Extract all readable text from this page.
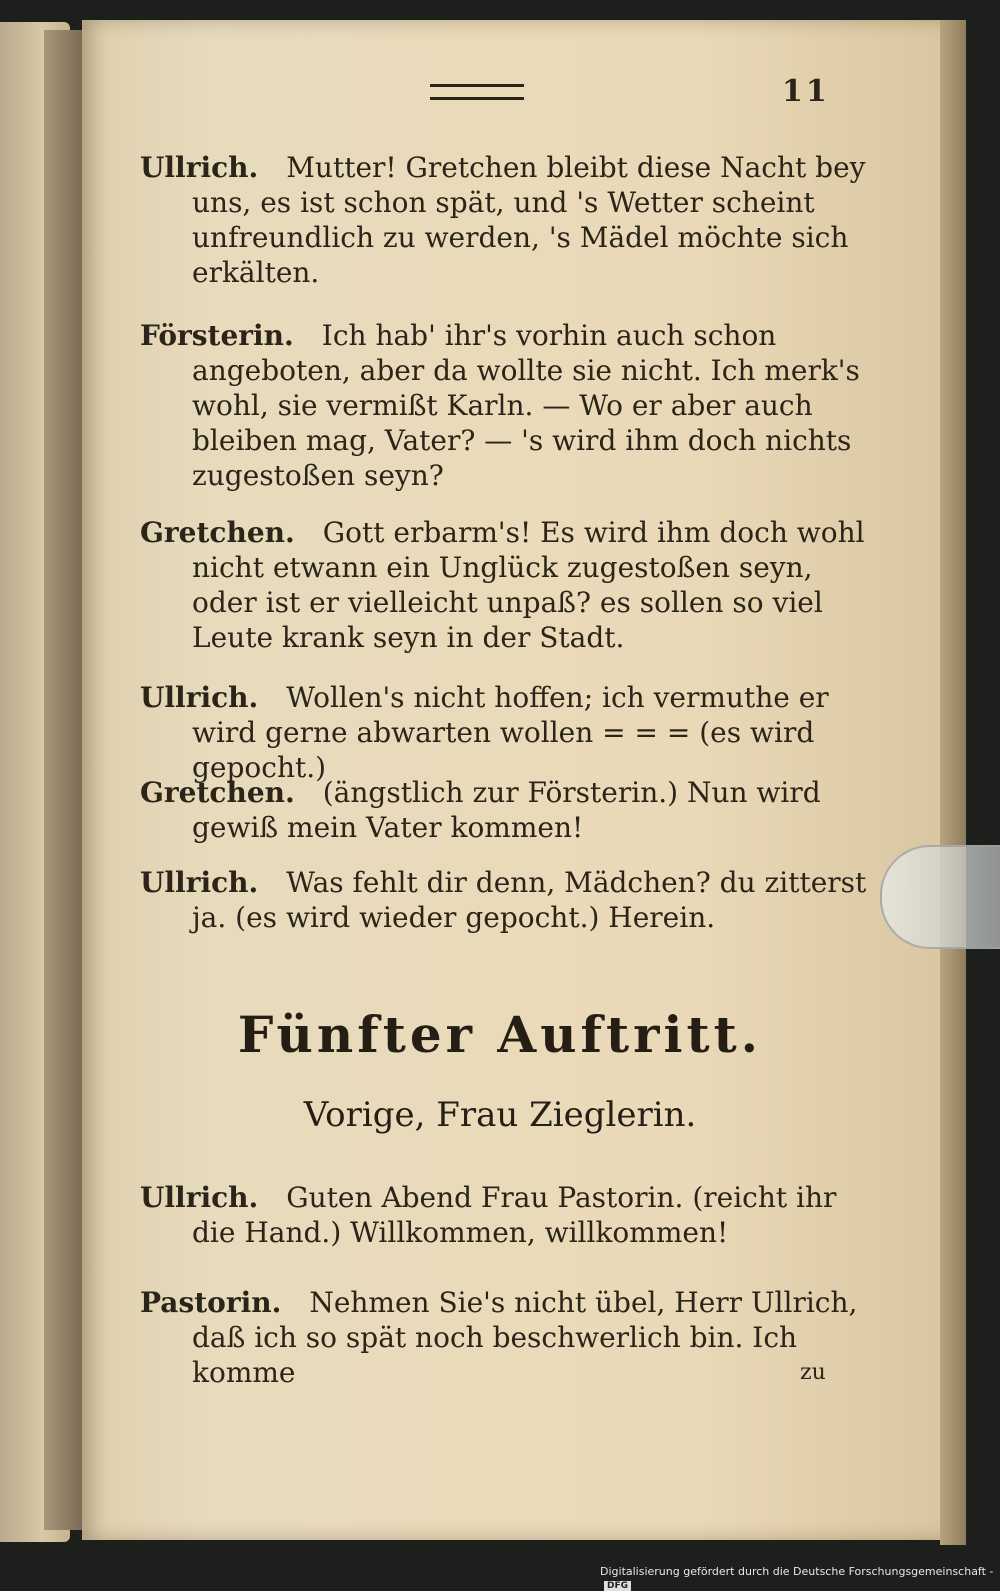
11
Ullrich. Mutter! Gretchen bleibt diese Nacht bey uns, es ist schon spät, und 's Wetter scheint unfreundlich zu werden, 's Mädel möchte sich erkälten.
Försterin. Ich hab' ihr's vorhin auch schon angeboten, aber da wollte sie nicht. Ich merk's wohl, sie vermißt Karln. — Wo er aber auch bleiben mag, Vater? — 's wird ihm doch nichts zugestoßen seyn?
Gretchen. Gott erbarm's! Es wird ihm doch wohl nicht etwann ein Unglück zugestoßen seyn, oder ist er vielleicht unpaß? es sollen so viel Leute krank seyn in der Stadt.
Ullrich. Wollen's nicht hoffen; ich vermuthe er wird gerne abwarten wollen = = = (es wird gepocht.)
Gretchen. (ängstlich zur Försterin.) Nun wird gewiß mein Vater kommen!
Ullrich. Was fehlt dir denn, Mädchen? du zitterst ja. (es wird wieder gepocht.) Herein.
Fünfter Auftritt.
Vorige, Frau Zieglerin.
Ullrich. Guten Abend Frau Pastorin. (reicht ihr die Hand.) Willkommen, willkommen!
Pastorin. Nehmen Sie's nicht übel, Herr Ullrich, daß ich so spät noch beschwerlich bin. Ich komme	zu
Digitalisierung gefördert durch die Deutsche Forschungsgemeinschaft - DFG
